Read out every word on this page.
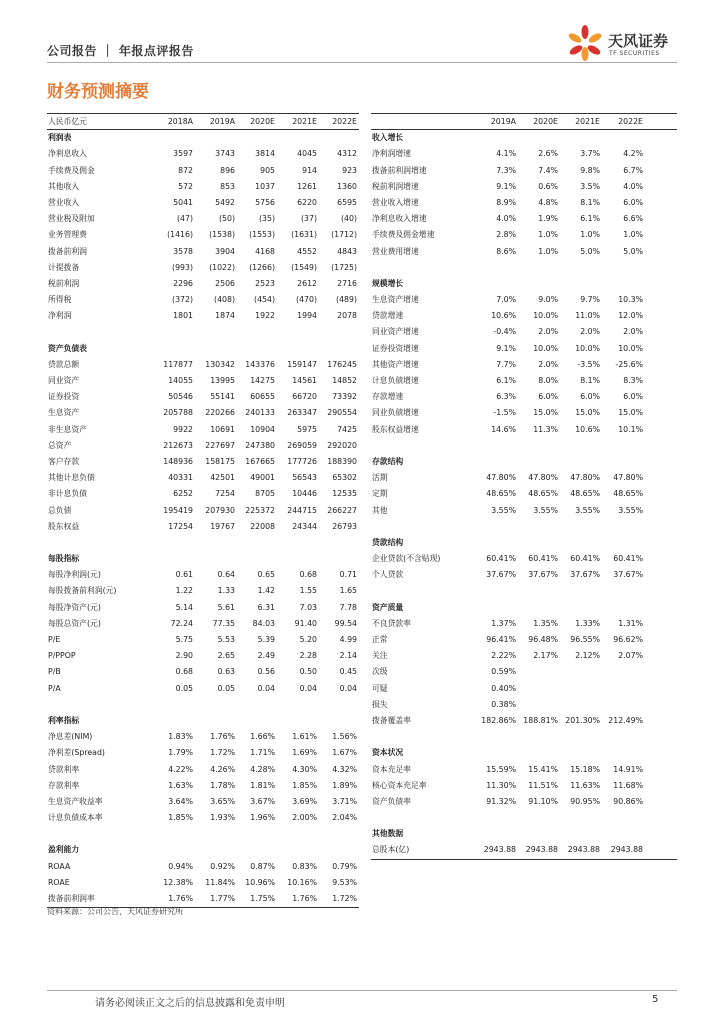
公司报告 ｜ 年报点评报告
天风证券
TF SECURITIES
财务预测摘要
人民币亿元	2018A	2019A	2020E	2021E	2022E
利润表
净利息收入	3597	3743	3814	4045	4312
手续费及佣金	872	896	905	914	923
其他收入	572	853	1037	1261	1360
营业收入	5041	5492	5756	6220	6595
营业税及附加	(47)	(50)	(35)	(37)	(40)
业务管理费	(1416)	(1538)	(1553)	(1631)	(1712)
拨备前利润	3578	3904	4168	4552	4843
计提拨备	(993)	(1022)	(1266)	(1549)	(1725)
税前利润	2296	2506	2523	2612	2716
所得税	(372)	(408)	(454)	(470)	(489)
净利润	1801	1874	1922	1994	2078
资产负债表
贷款总额	117877	130342	143376	159147	176245
同业资产	14055	13995	14275	14561	14852
证券投资	50546	55141	60655	66720	73392
生息资产	205788	220266	240133	263347	290554
非生息资产	9922	10691	10904	5975	7425
总资产	212673	227697	247380	269059	292020
客户存款	148936	158175	167665	177726	188390
其他计息负债	40331	42501	49001	56543	65302
非计息负债	6252	7254	8705	10446	12535
总负债	195419	207930	225372	244715	266227
股东权益	17254	19767	22008	24344	26793
每股指标
每股净利润(元)	0.61	0.64	0.65	0.68	0.71
每股拨备前利润(元)	1.22	1.33	1.42	1.55	1.65
每股净资产(元)	5.14	5.61	6.31	7.03	7.78
每股总资产(元)	72.24	77.35	84.03	91.40	99.54
P/E	5.75	5.53	5.39	5.20	4.99
P/PPOP	2.90	2.65	2.49	2.28	2.14
P/B	0.68	0.63	0.56	0.50	0.45
P/A	0.05	0.05	0.04	0.04	0.04
利率指标
净息差(NIM)	1.83%	1.76%	1.66%	1.61%	1.56%
净利差(Spread)	1.79%	1.72%	1.71%	1.69%	1.67%
贷款利率	4.22%	4.26%	4.28%	4.30%	4.32%
存款利率	1.63%	1.78%	1.81%	1.85%	1.89%
生息资产收益率	3.64%	3.65%	3.67%	3.69%	3.71%
计息负债成本率	1.85%	1.93%	1.96%	2.00%	2.04%
盈利能力
ROAA	0.94%	0.92%	0.87%	0.83%	0.79%
ROAE	12.38%	11.84%	10.96%	10.16%	9.53%
拨备前利润率	1.76%	1.77%	1.75%	1.76%	1.72%
2019A	2020E	2021E	2022E
收入增长
净利润增速	4.1%	2.6%	3.7%	4.2%
拨备前利润增速	7.3%	7.4%	9.8%	6.7%
税前利润增速	9.1%	0.6%	3.5%	4.0%
营业收入增速	8.9%	4.8%	8.1%	6.0%
净利息收入增速	4.0%	1.9%	6.1%	6.6%
手续费及佣金增速	2.8%	1.0%	1.0%	1.0%
营业费用增速	8.6%	1.0%	5.0%	5.0%
规模增长
生息资产增速	7.0%	9.0%	9.7%	10.3%
贷款增速	10.6%	10.0%	11.0%	12.0%
同业资产增速	-0.4%	2.0%	2.0%	2.0%
证券投资增速	9.1%	10.0%	10.0%	10.0%
其他资产增速	7.7%	2.0%	-3.5%	-25.6%
计息负债增速	6.1%	8.0%	8.1%	8.3%
存款增速	6.3%	6.0%	6.0%	6.0%
同业负债增速	-1.5%	15.0%	15.0%	15.0%
股东权益增速	14.6%	11.3%	10.6%	10.1%
存款结构
活期	47.80%	47.80%	47.80%	47.80%
定期	48.65%	48.65%	48.65%	48.65%
其他	3.55%	3.55%	3.55%	3.55%
贷款结构
企业贷款(不含贴现)	60.41%	60.41%	60.41%	60.41%
个人贷款	37.67%	37.67%	37.67%	37.67%
资产质量
不良贷款率	1.37%	1.35%	1.33%	1.31%
正常	96.41%	96.48%	96.55%	96.62%
关注	2.22%	2.17%	2.12%	2.07%
次级	0.59%
可疑	0.40%
损失	0.38%
拨备覆盖率	182.86% 188.81% 201.30%	212.49%
资本状况
资本充足率	15.59%	15.41%	15.18%	14.91%
核心资本充足率	11.30%	11.51%	11.63%	11.68%
资产负债率	91.32%	91.10%	90.95%	90.86%
其他数据
总股本(亿)	2943.88	2943.88	2943.88	2943.88
资料来源：公司公告，天风证券研究所
请务必阅读正文之后的信息披露和免责申明	5
